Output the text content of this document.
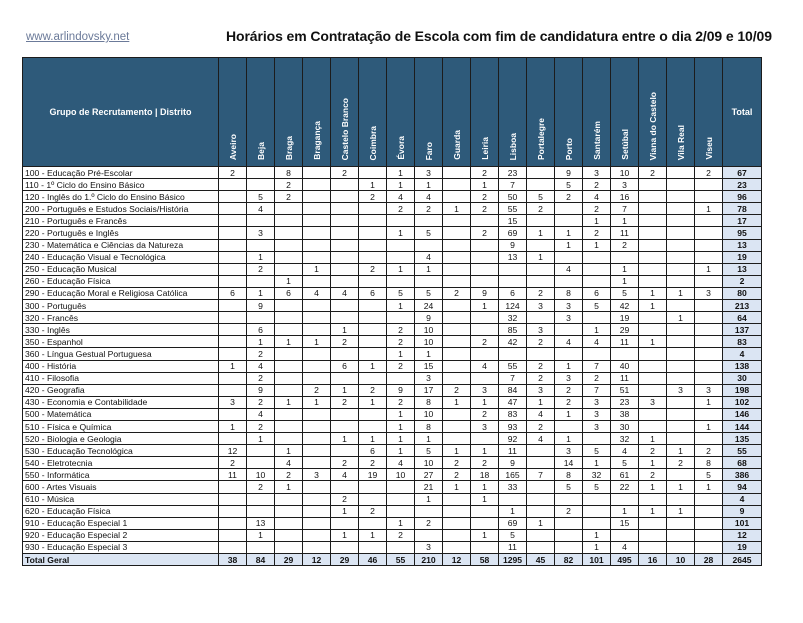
www.arlindovsky.net	Horários em Contratação de Escola com fim de candidatura entre o dia 2/09 e 10/09
Grupo de Recrutamento | Distrito	Aveiro	Beja	Braga	Bragança	Castelo Branco	Coimbra	Évora	Faro	Guarda	Leiria	Lisboa	Portalegre	Porto	Santarém	Setúbal	Viana do Castelo	Vila Real	Viseu	Total
100 - Educação Pré-Escolar	2		8		2		1	3		2	23		9	3	10	2		2	67
110 - 1º Ciclo do Ensino Básico			2			1	1	1		1	7		5	2	3				23
120 - Inglês do 1.º Ciclo do Ensino Básico		5	2			2	4	4		2	50	5	2	4	16				96
200 - Português e Estudos Sociais/História		4					2	2	1	2	55	2		2	7			1	78
210 - Português e Francês											15			1	1				17
220 - Português e Inglês		3					1	5		2	69	1	1	2	11				95
230 - Matemática e Ciências da Natureza											9		1	1	2				13
240 - Educação Visual e Tecnológica		1						4			13	1							19
250 - Educação Musical		2		1		2	1	1					4		1			1	13
260 - Educação Física			1												1				2
290 - Educação Moral e Religiosa Católica	6	1	6	4	4	6	5	5	2	9	6	2	8	6	5	1	1	3	80
300 - Português		9					1	24		1	124	3	3	5	42	1			213
320 - Francês								9			32		3		19		1		64
330 - Inglês		6			1		2	10			85	3		1	29				137
350 - Espanhol		1	1	1	2		2	10		2	42	2	4	4	11	1			83
360 - Língua Gestual Portuguesa		2					1	1											4
400 - História	1	4			6	1	2	15		4	55	2	1	7	40				138
410 - Filosofia		2						3			7	2	3	2	11				30
420 - Geografia		9		2	1	2	9	17	2	3	84	3	2	7	51		3	3	198
430 - Economia e Contabilidade	3	2	1	1	2	1	2	8	1	1	47	1	2	3	23	3		1	102
500 - Matemática		4					1	10		2	83	4	1	3	38				146
510 - Física e Química	1	2					1	8		3	93	2		3	30			1	144
520 - Biologia e Geologia		1			1	1	1	1			92	4	1		32	1			135
530 - Educação Tecnológica	12		1			6	1	5	1	1	11		3	5	4	2	1	2	55
540 - Eletrotecnia	2		4		2	2	4	10	2	2	9		14	1	5	1	2	8	68
550 - Informática	11	10	2	3	4	19	10	27	2	18	165	7	8	32	61	2		5	386
600 - Artes Visuais		2	1					21	1	1	33		5	5	22	1	1	1	94
610 - Música					2			1		1									4
620 - Educação Física					1	2					1		2		1	1	1		9
910 - Educação Especial 1		13					1	2			69	1			15				101
920 - Educação Especial 2		1			1	1	2			1	5			1					12
930 - Educação Especial 3								3			11			1	4				19
Total Geral	38	84	29	12	29	46	55	210	12	58	1295	45	82	101	495	16	10	28	2645
